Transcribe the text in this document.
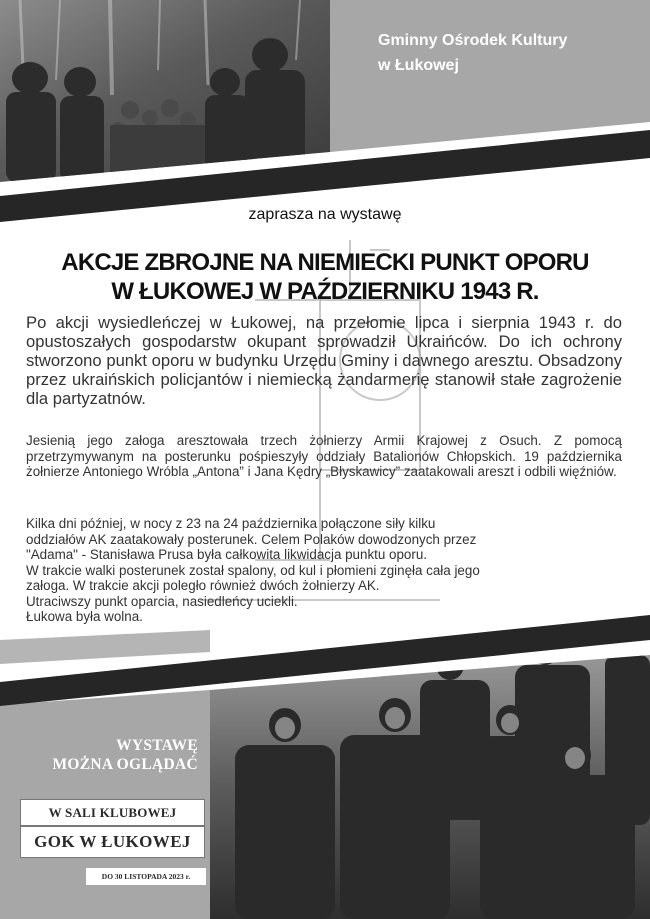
Gminny Ośrodek Kultury
w Łukowej
zaprasza na wystawę
AKCJE ZBROJNE NA NIEMIECKI PUNKT OPORU
W ŁUKOWEJ W PAŹDZIERNIKU 1943 R.
Po akcji wysiedleńczej w Łukowej, na przełomie lipca i sierpnia 1943 r. do opustoszałych gospodarstw okupant sprowadził Ukraińców. Do ich ochrony stworzono punkt oporu w budynku Urzędu Gminy i dawnego aresztu. Obsadzony przez ukraińskich policjantów i niemiecką żandarmerię stanowił stałe zagrożenie dla partyzatnów.
Jesienią jego załoga aresztowała trzech żołnierzy Armii Krajowej z Osuch. Z pomocą przetrzymywanym na posterunku pośpieszyły oddziały Batalionów Chłopskich. 19 października żołnierze Antoniego Wróbla „Antona” i Jana Kędry „Błyskawicy” zaatakowali areszt i odbili więźniów.
Kilka dni później, w nocy z 23 na 24 października połączone siły kilku
oddziałów AK zaatakowały posterunek. Celem Polaków dowodzonych przez
"Adama" - Stanisława Prusa była całkowita likwidacja punktu oporu.
W trakcie walki posterunek został spalony, od kul i płomieni zginęła cała jego
załoga. W trakcie akcji poległo również dwóch żołnierzy AK.
Utraciwszy punkt oparcia, nasiedleńcy uciekli.
Łukowa była wolna.
WYSTAWĘ
MOŻNA OGLĄDAĆ
W SALI KLUBOWEJ
GOK W ŁUKOWEJ
DO 30 LISTOPADA 2023 r.
